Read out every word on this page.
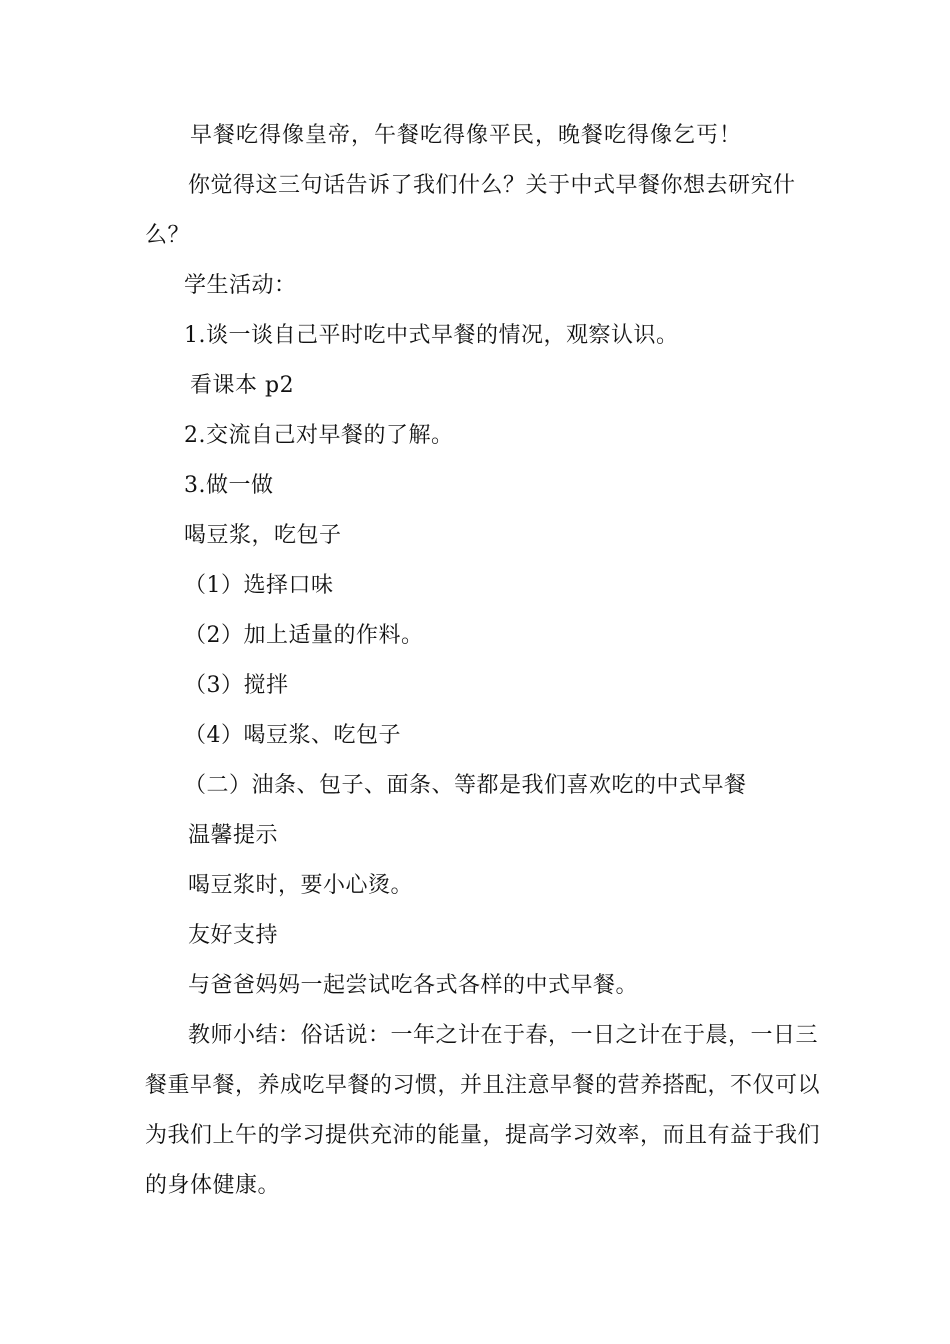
早餐吃得像皇帝，午餐吃得像平民，晚餐吃得像乞丐！
你觉得这三句话告诉了我们什么？关于中式早餐你想去研究什
么？
学生活动：
1.谈一谈自己平时吃中式早餐的情况，观察认识。
看课本 p2
2.交流自己对早餐的了解。
3.做一做
喝豆浆，吃包子
（1）选择口味
（2）加上适量的作料。
（3）搅拌
（4）喝豆浆、吃包子
（二）油条、包子、面条、等都是我们喜欢吃的中式早餐
温馨提示
喝豆浆时，要小心烫。
友好支持
与爸爸妈妈一起尝试吃各式各样的中式早餐。
教师小结：俗话说：一年之计在于春，一日之计在于晨，一日三
餐重早餐，养成吃早餐的习惯，并且注意早餐的营养搭配，不仅可以
为我们上午的学习提供充沛的能量，提高学习效率，而且有益于我们
的身体健康。
